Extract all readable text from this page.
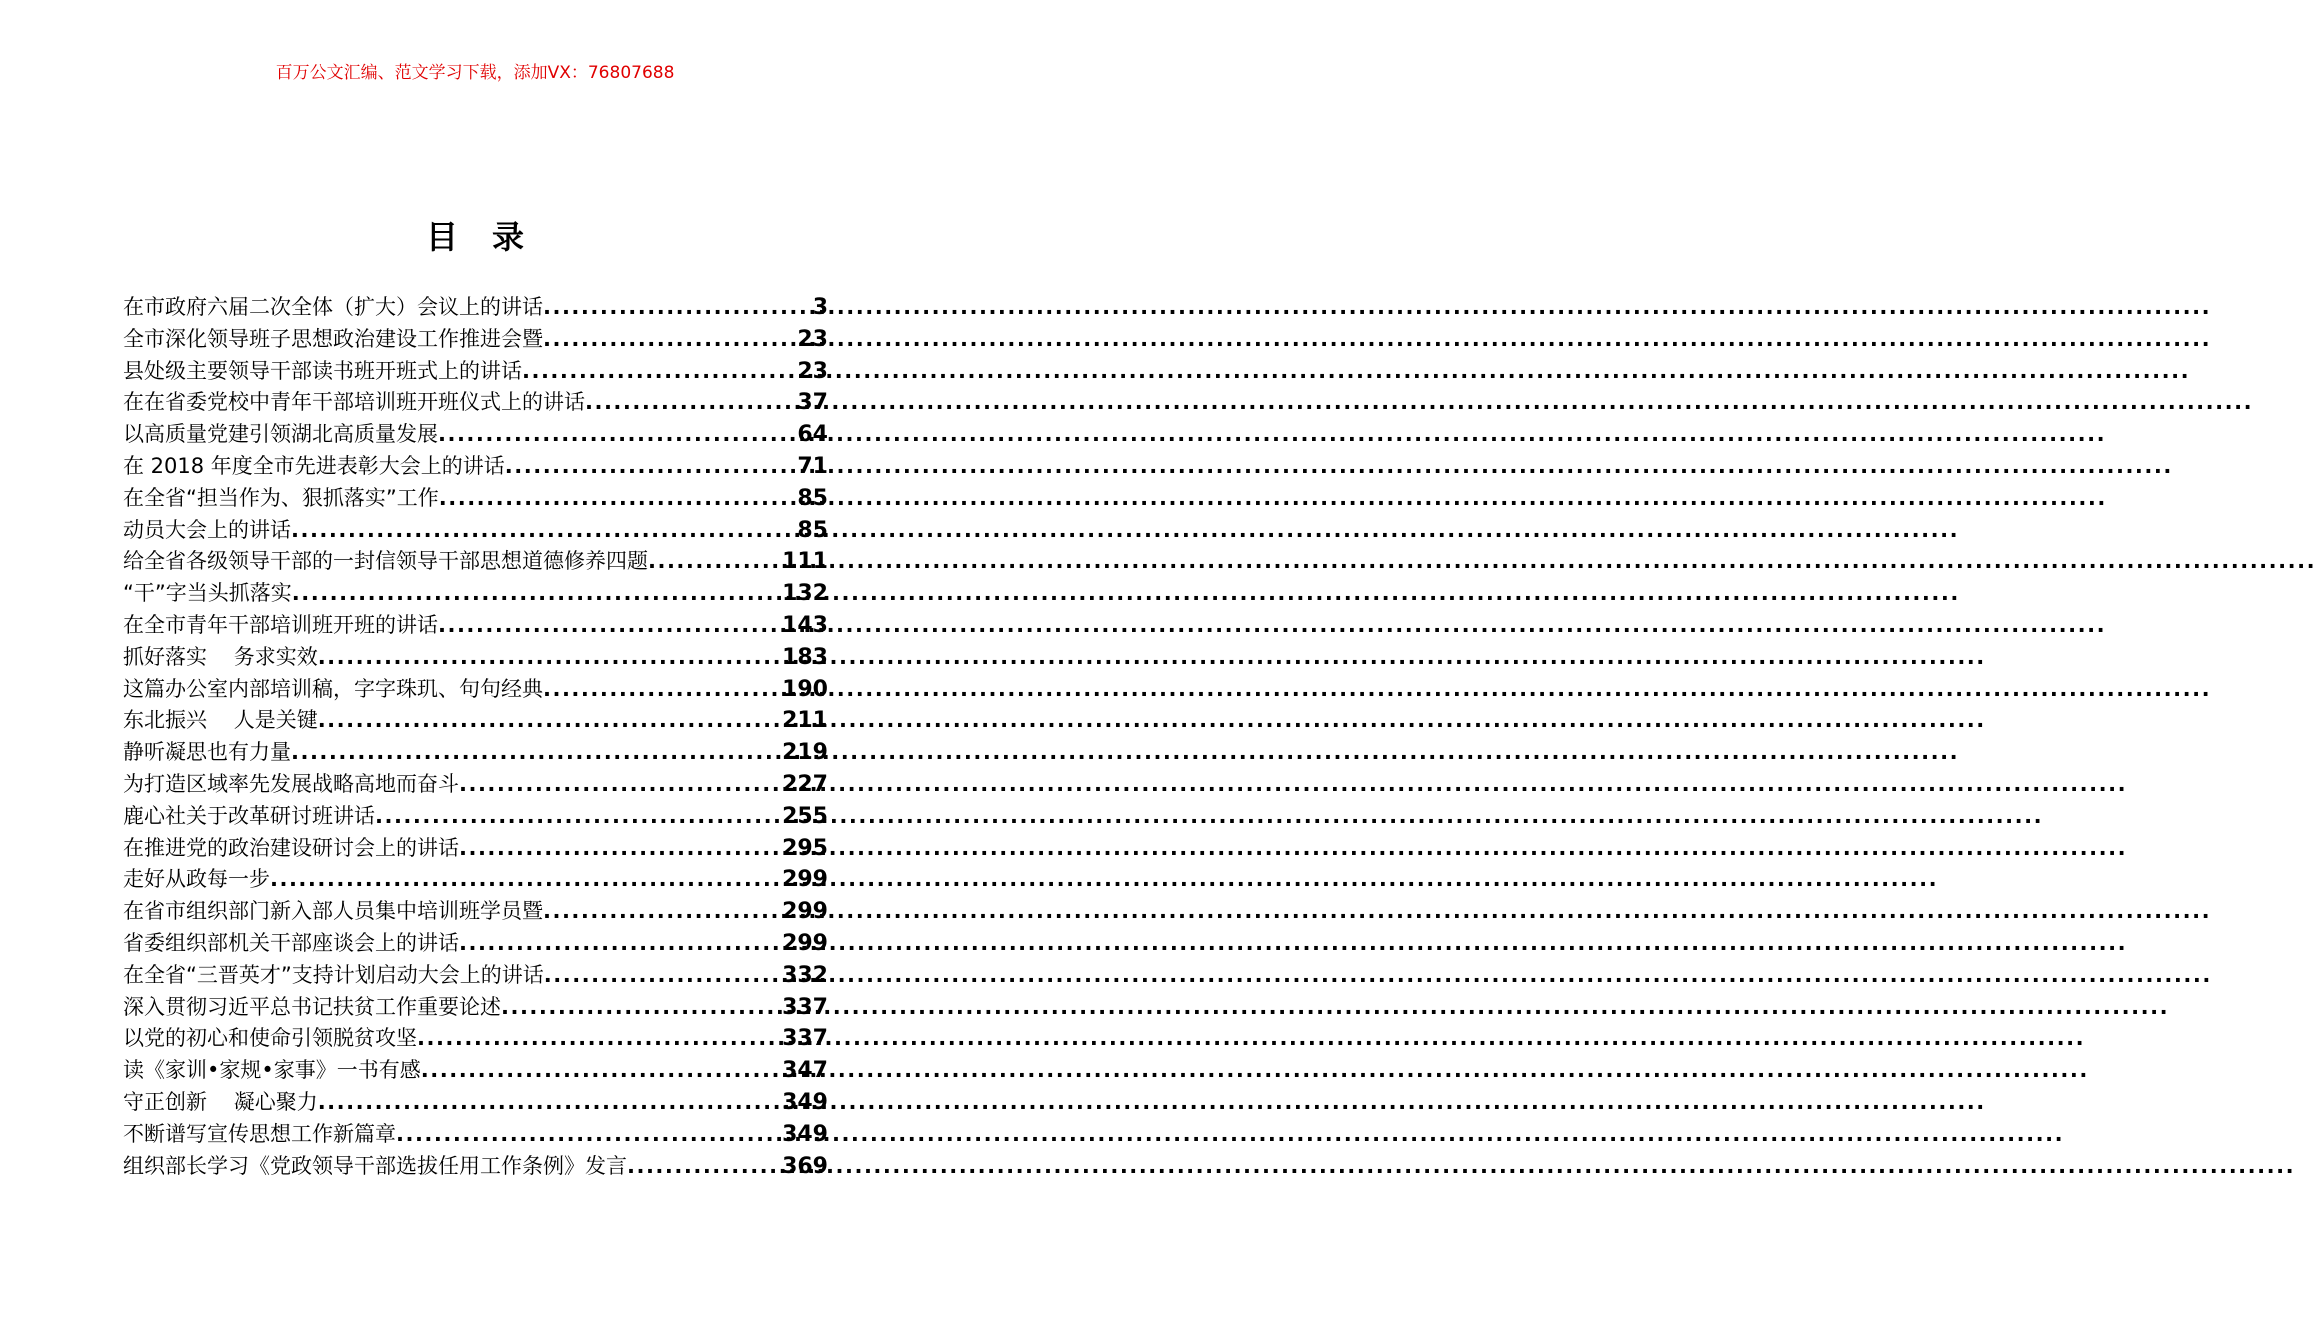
百万公文汇编、范文学习下载，添加VX：76807688
目录
在市政府六届二次全体（扩大）会议上的讲话 .....	3
全市深化领导班子思想政治建设工作推进会暨 .....	23
县处级主要领导干部读书班开班式上的讲话 .....	23
在在省委党校中青年干部培训班开班仪式上的讲话 .....	37
以高质量党建引领湖北高质量发展 .....	64
在 2018 年度全市先进表彰大会上的讲话 .....	71
在全省“担当作为、狠抓落实”工作 .....	85
动员大会上的讲话 .....	85
给全省各级领导干部的一封信领导干部思想道德修养四题 .....	111
“干”字当头抓落实 .....	132
在全市青年干部培训班开班的讲话 .....	143
抓好落实    务求实效 .....	183
这篇办公室内部培训稿，字字珠玑、句句经典 .....	190
东北振兴    人是关键 .....	211
静听凝思也有力量 .....	219
为打造区域率先发展战略高地而奋斗 .....	227
鹿心社关于改革研讨班讲话 .....	255
在推进党的政治建设研讨会上的讲话 .....	295
走好从政每一步 .....	299
在省市组织部门新入部人员集中培训班学员暨 .....	299
省委组织部机关干部座谈会上的讲话 .....	299
在全省“三晋英才”支持计划启动大会上的讲话 .....	332
深入贯彻习近平总书记扶贫工作重要论述 .....	337
以党的初心和使命引领脱贫攻坚 .....	337
读《家训•家规•家事》一书有感 .....	347
守正创新    凝心聚力 .....	349
不断谱写宣传思想工作新篇章 .....	349
组织部长学习《党政领导干部选拔任用工作条例》发言 .....	369
